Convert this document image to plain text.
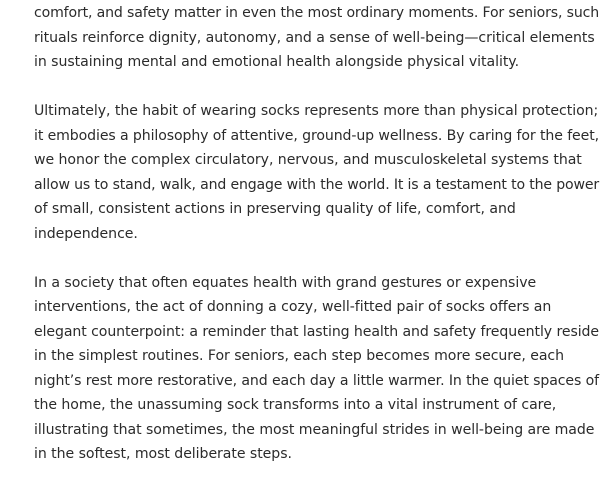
comfort, and safety matter in even the most ordinary moments. For seniors, such
rituals reinforce dignity, autonomy, and a sense of well-being—critical elements
in sustaining mental and emotional health alongside physical vitality.

Ultimately, the habit of wearing socks represents more than physical protection;
it embodies a philosophy of attentive, ground-up wellness. By caring for the feet,
we honor the complex circulatory, nervous, and musculoskeletal systems that
allow us to stand, walk, and engage with the world. It is a testament to the power
of small, consistent actions in preserving quality of life, comfort, and
independence.

In a society that often equates health with grand gestures or expensive
interventions, the act of donning a cozy, well-fitted pair of socks offers an
elegant counterpoint: a reminder that lasting health and safety frequently reside
in the simplest routines. For seniors, each step becomes more secure, each
night’s rest more restorative, and each day a little warmer. In the quiet spaces of
the home, the unassuming sock transforms into a vital instrument of care,
illustrating that sometimes, the most meaningful strides in well-being are made
in the softest, most deliberate steps.
